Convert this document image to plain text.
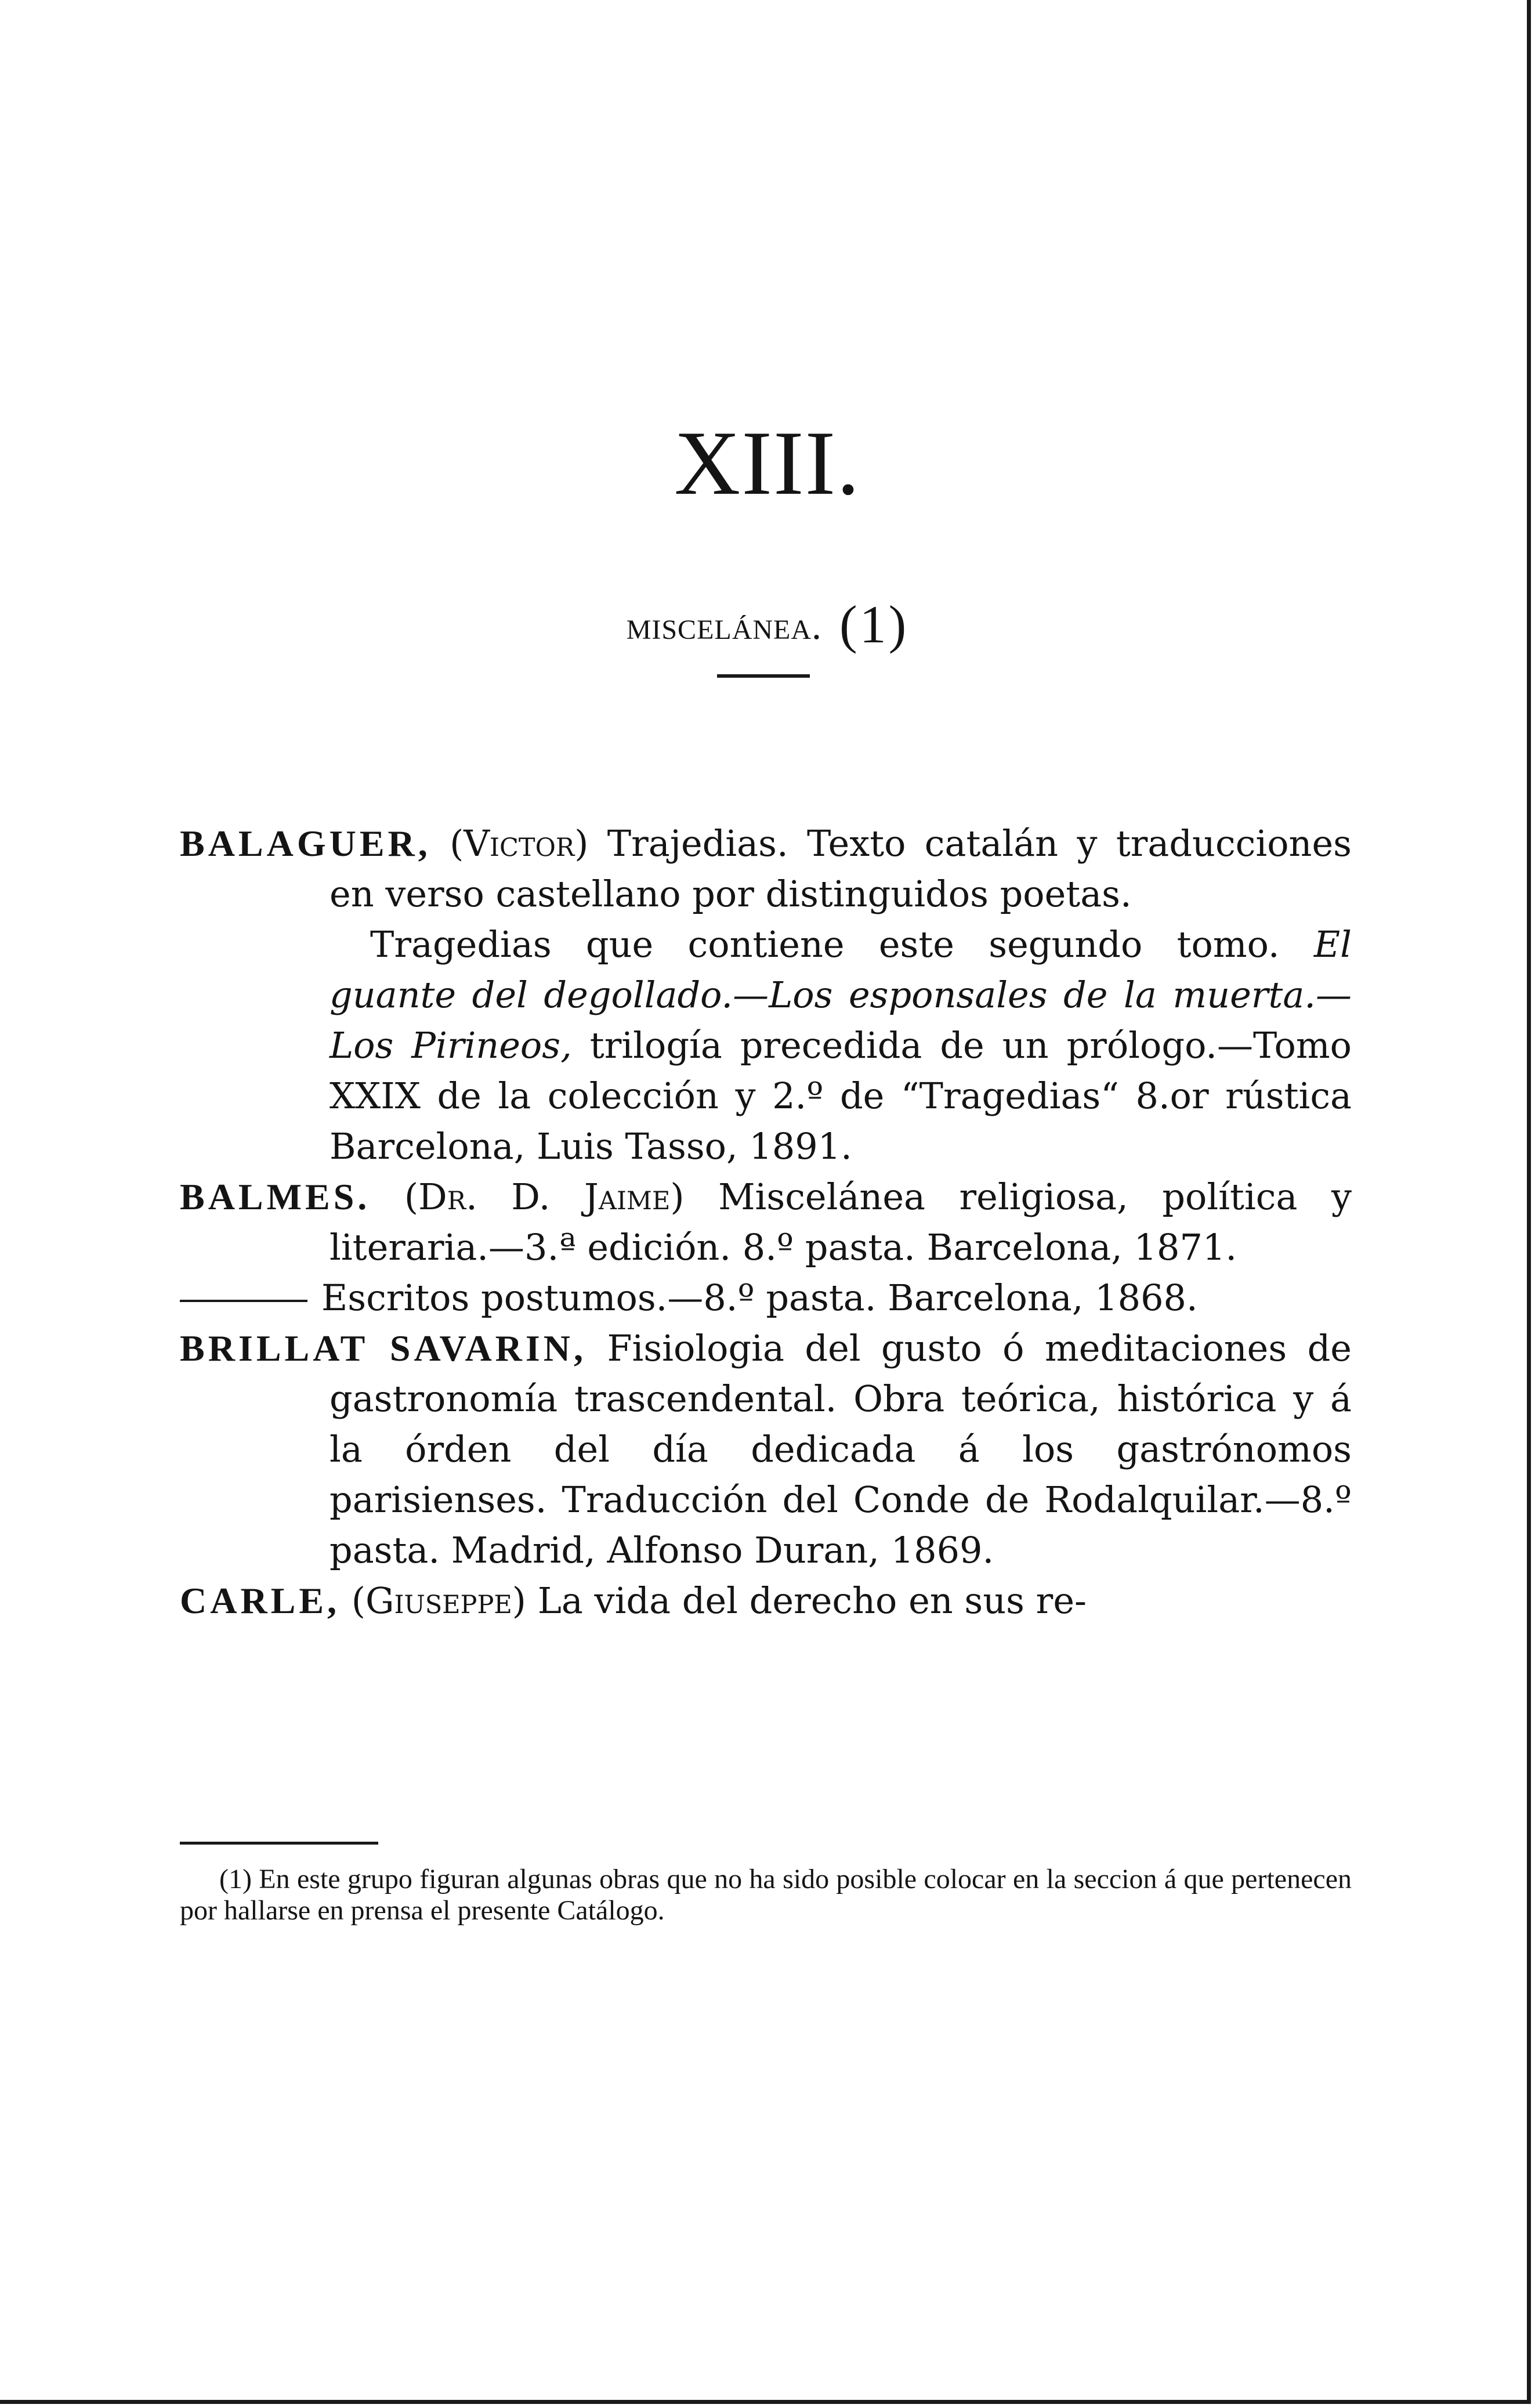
XIII.
miscelánea. (1)
BALAGUER, (Victor) Trajedias. Texto catalán y traducciones en verso castellano por distinguidos poetas.
Tragedias que contiene este segundo tomo. El guante del degollado.—Los esponsales de la muerta.—Los Pirineos, trilogía precedida de un prólogo.—Tomo XXIX de la colección y 2.º de “Tragedias“ 8.or rústica Barcelona, Luis Tasso, 1891.
BALMES. (Dr. D. Jaime) Miscelánea religiosa, política y literaria.—3.ª edición. 8.º pasta. Barcelona, 1871.
Escritos postumos.—8.º pasta. Barcelona, 1868.
BRILLAT SAVARIN, Fisiologia del gusto ó meditaciones de gastronomía trascendental. Obra teórica, histórica y á la órden del día dedicada á los gastrónomos parisienses. Traducción del Conde de Rodalquilar.—8.º pasta. Madrid, Alfonso Duran, 1869.
CARLE, (Giuseppe) La vida del derecho en sus re-
(1) En este grupo figuran algunas obras que no ha sido posible colocar en la seccion á que pertenecen por hallarse en prensa el presente Catálogo.
